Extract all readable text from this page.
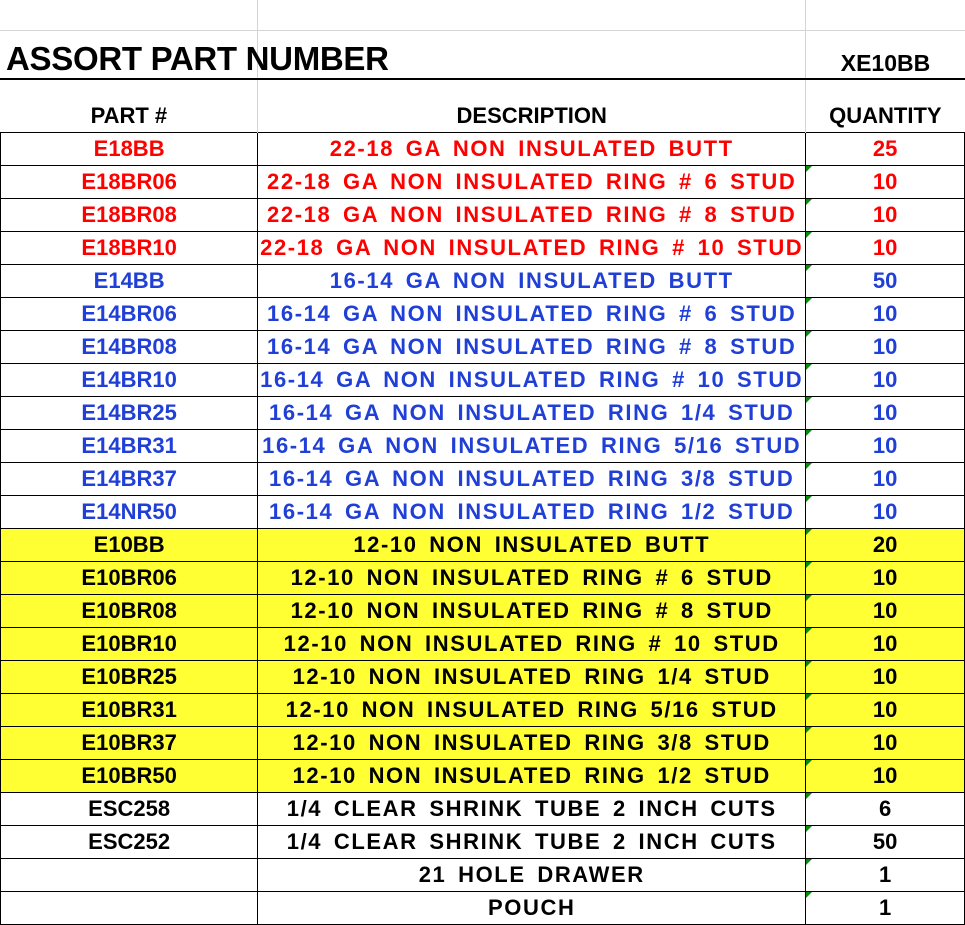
ASSORT PART NUMBER	XE10BB
PART #	DESCRIPTION	QUANTITY
E18BB	22-18 GA NON INSULATED BUTT	25
E18BR06	22-18 GA NON INSULATED RING # 6 STUD	10
E18BR08	22-18 GA NON INSULATED RING # 8 STUD	10
E18BR10	22-18 GA NON INSULATED RING # 10 STUD	10
E14BB	16-14 GA NON INSULATED BUTT	50
E14BR06	16-14 GA NON INSULATED RING # 6 STUD	10
E14BR08	16-14 GA NON INSULATED RING # 8 STUD	10
E14BR10	16-14 GA NON INSULATED RING # 10 STUD	10
E14BR25	16-14 GA NON INSULATED RING 1/4 STUD	10
E14BR31	16-14 GA NON INSULATED RING 5/16 STUD	10
E14BR37	16-14 GA NON INSULATED RING 3/8 STUD	10
E14NR50	16-14 GA NON INSULATED RING 1/2 STUD	10
E10BB	12-10 NON INSULATED BUTT	20
E10BR06	12-10 NON INSULATED RING # 6 STUD	10
E10BR08	12-10 NON INSULATED RING # 8 STUD	10
E10BR10	12-10 NON INSULATED RING # 10 STUD	10
E10BR25	12-10 NON INSULATED RING 1/4 STUD	10
E10BR31	12-10 NON INSULATED RING 5/16 STUD	10
E10BR37	12-10 NON INSULATED RING 3/8 STUD	10
E10BR50	12-10 NON INSULATED RING 1/2 STUD	10
ESC258	1/4 CLEAR SHRINK TUBE 2 INCH CUTS	6
ESC252	1/4 CLEAR SHRINK TUBE 2 INCH CUTS	50
	21 HOLE DRAWER	1
	POUCH	1
